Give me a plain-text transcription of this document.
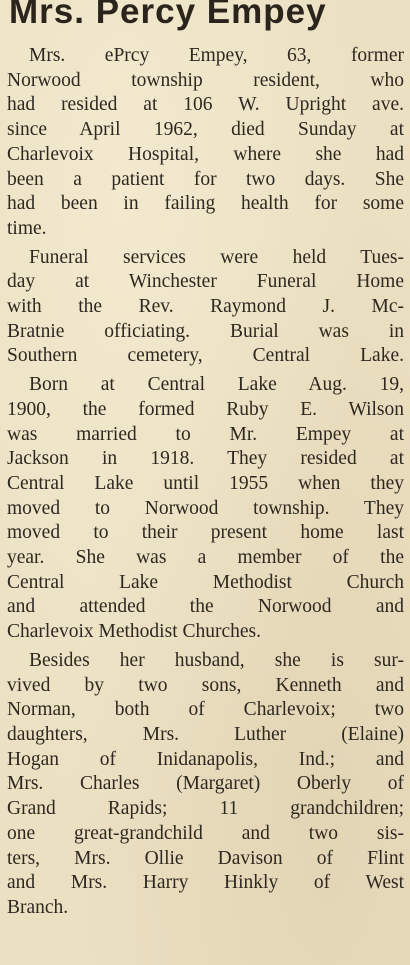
Mrs. Percy Empey
Mrs. ePrcy Empey, 63, former
Norwood township resident, who
had resided at 106 W. Upright ave.
since April 1962, died Sunday at
Charlevoix Hospital, where she had
been a patient for two days. She
had been in failing health for some
time.
Funeral services were held Tues-
day at Winchester Funeral Home
with the Rev. Raymond J. Mc-
Bratnie officiating. Burial was in
Southern cemetery, Central Lake.
Born at Central Lake Aug. 19,
1900, the formed Ruby E. Wilson
was married to Mr. Empey at
Jackson in 1918. They resided at
Central Lake until 1955 when they
moved to Norwood township. They
moved to their present home last
year. She was a member of the
Central Lake Methodist Church
and attended the Norwood and
Charlevoix Methodist Churches.
Besides her husband, she is sur-
vived by two sons, Kenneth and
Norman, both of Charlevoix; two
daughters, Mrs. Luther (Elaine)
Hogan of Inidanapolis, Ind.; and
Mrs. Charles (Margaret) Oberly of
Grand Rapids; 11 grandchildren;
one great-grandchild and two sis-
ters, Mrs. Ollie Davison of Flint
and Mrs. Harry Hinkly of West
Branch.
